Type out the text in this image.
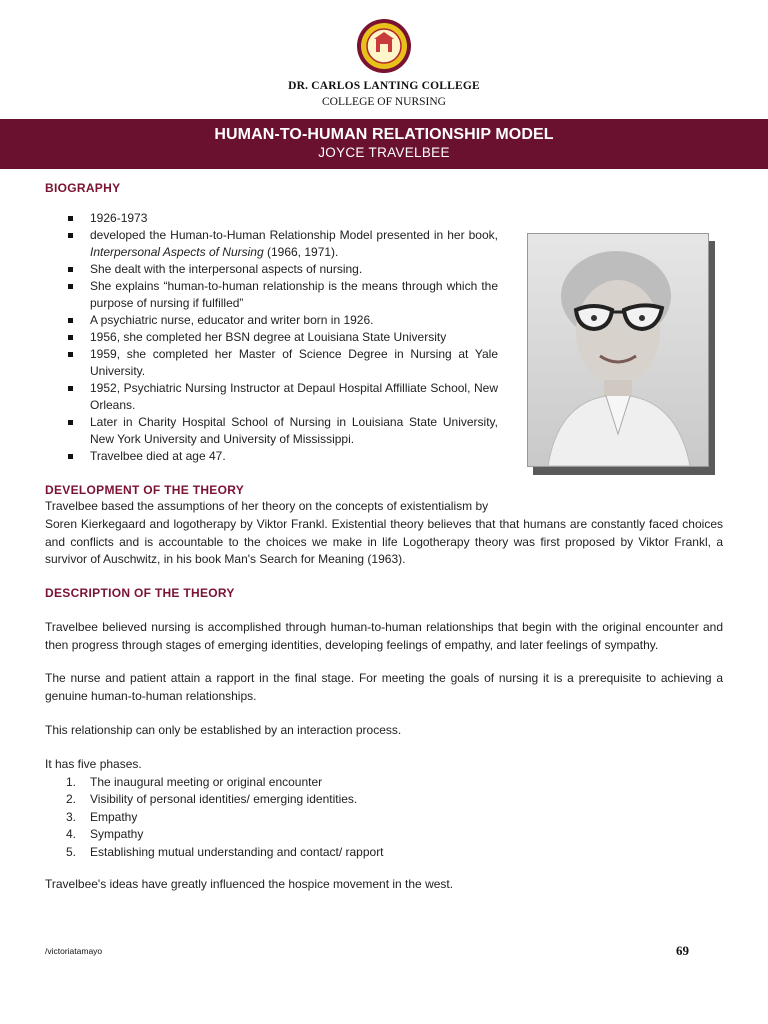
DR. CARLOS LANTING COLLEGE
COLLEGE OF NURSING
HUMAN-TO-HUMAN RELATIONSHIP MODEL
JOYCE TRAVELBEE
BIOGRAPHY
1926-1973
developed the Human-to-Human Relationship Model presented in her book, Interpersonal Aspects of Nursing (1966, 1971).
She dealt with the interpersonal aspects of nursing.
She explains “human-to-human relationship is the means through which the purpose of nursing if fulfilled”
A psychiatric nurse, educator and writer born in 1926.
1956, she completed her BSN degree at Louisiana State University
1959, she completed her Master of Science Degree in Nursing at Yale University.
1952, Psychiatric Nursing Instructor at Depaul Hospital Affilliate School, New Orleans.
Later in Charity Hospital School of Nursing in Louisiana State University, New York University and University of Mississippi.
Travelbee died at age 47.
DEVELOPMENT OF THE THEORY
Travelbee based the assumptions of her theory on the concepts of existentialism by
Soren Kierkegaard and logotherapy by Viktor Frankl. Existential theory believes that that humans are constantly faced choices and conflicts and is accountable to the choices we make in life Logotherapy theory was first proposed by Viktor Frankl, a survivor of Auschwitz, in his book Man's Search for Meaning (1963).
DESCRIPTION OF THE THEORY
Travelbee believed nursing is accomplished through human-to-human relationships that begin with the original encounter and then progress through stages of emerging identities, developing feelings of empathy, and later feelings of sympathy.
The nurse and patient attain a rapport in the final stage. For meeting the goals of nursing it is a prerequisite to achieving a genuine human-to-human relationships.
This relationship can only be established by an interaction process.

It has five phases.

1. The inaugural meeting or original encounter
2. Visibility of personal identities/ emerging identities.
3. Empathy
4. Sympathy
5. Establishing mutual understanding and contact/ rapport
Travelbee's ideas have greatly influenced the hospice movement in the west.
/victoriatamayo	69
